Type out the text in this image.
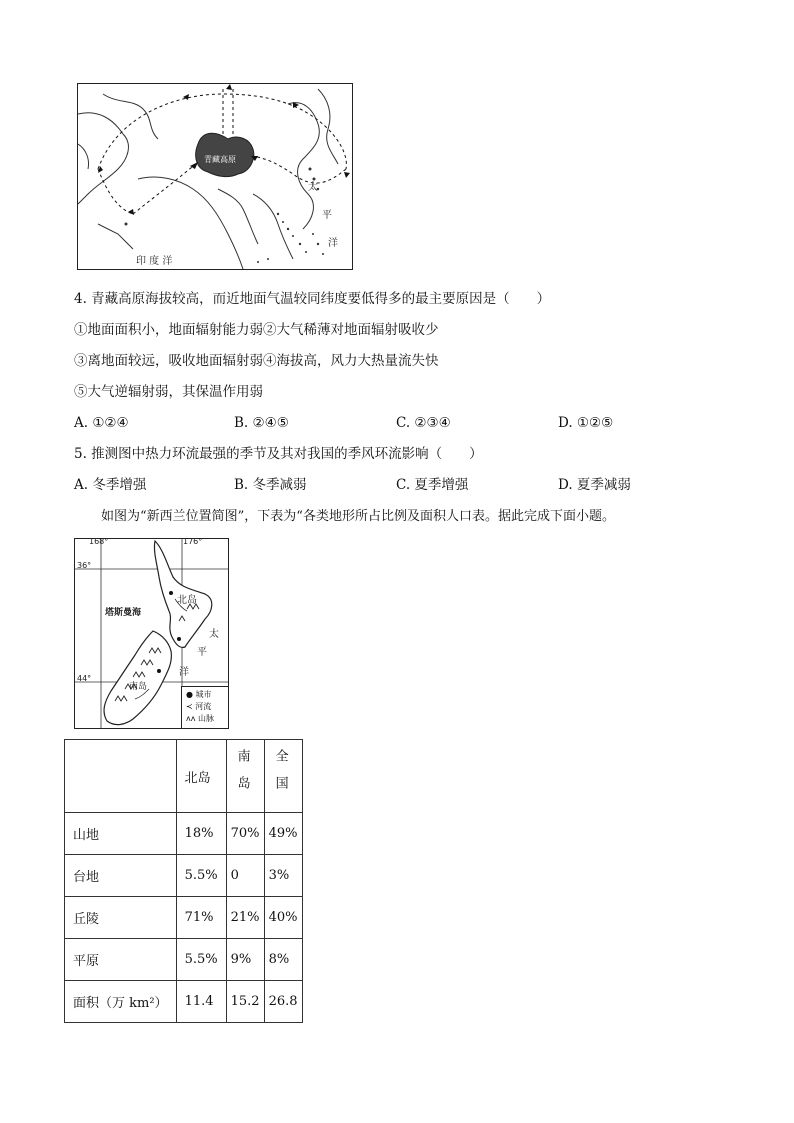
青藏高原
印 度 洋
太
平
洋
4. 青藏高原海拔较高，而近地面气温较同纬度要低得多的最主要原因是（　　）
①地面面积小，地面辐射能力弱②大气稀薄对地面辐射吸收少
③离地面较远，吸收地面辐射弱④海拔高，风力大热量流失快
⑤大气逆辐射弱，其保温作用弱
A. ①②④	B. ②④⑤	C. ②③④	D. ①②⑤
5. 推测图中热力环流最强的季节及其对我国的季风环流影响（　　）
A. 冬季增强	B. 冬季减弱	C. 夏季增强	D. 夏季减弱
如图为“新西兰位置简图”，下表为“各类地形所占比例及面积人口表。据此完成下面小题。
168°	176°
36°
44°
塔斯曼海
北岛
南岛
太
平
洋
● 城市
≺ 河流
ʌʌ 山脉
	北岛	南岛	全国

山地	18%	70%	49%
台地	5.5%	0	3%
丘陵	71%	21%	40%
平原	5.5%	9%	8%
面积（万 km²）	11.4	15.2	26.8
